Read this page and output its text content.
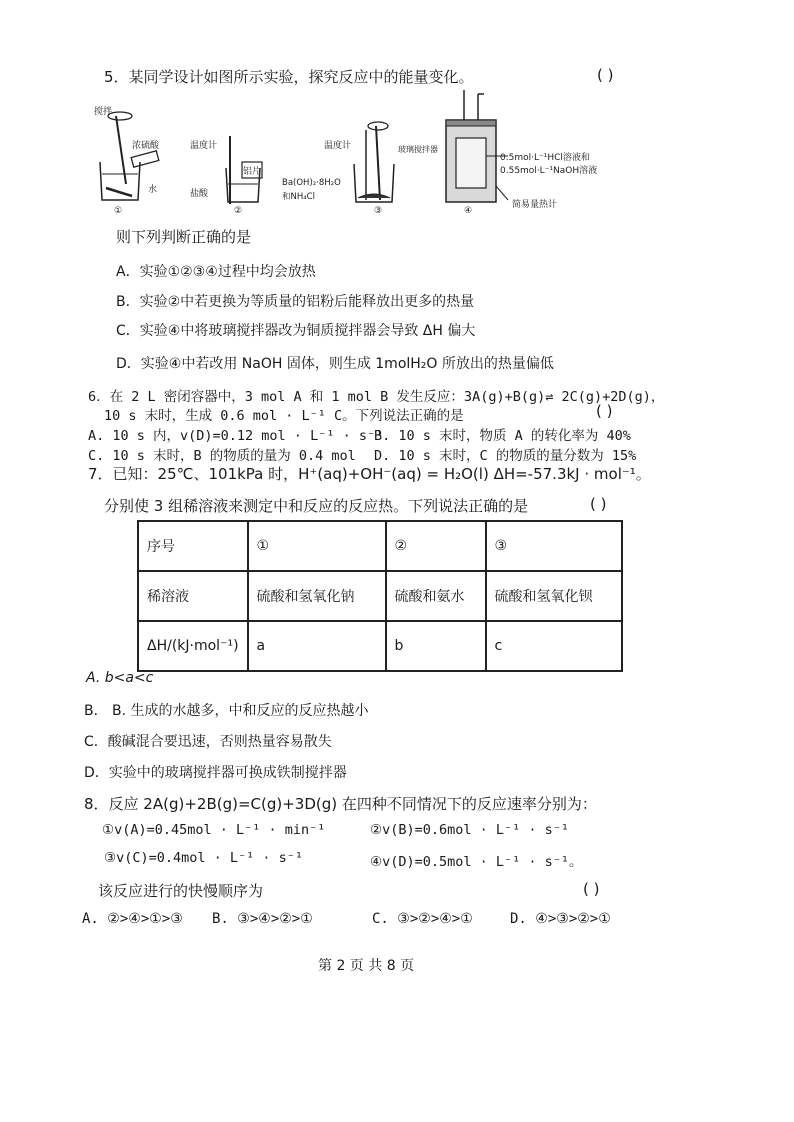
5．某同学设计如图所示实验，探究反应中的能量变化。	( )
搅拌
浓硫酸
水
①
温度计
铝片
盐酸
②
温度计	玻璃搅拌器
Ba(OH)₂·8H₂O
和NH₄Cl
③
0.5mol·L⁻¹HCl溶液和
0.55mol·L⁻¹NaOH溶液
简易量热计
④
则下列判断正确的是
A．实验①②③④过程中均会放热
B．实验②中若更换为等质量的铝粉后能释放出更多的热量
C．实验④中将玻璃搅拌器改为铜质搅拌器会导致 ΔH 偏大
D．实验④中若改用 NaOH 固体，则生成 1molH₂O 所放出的热量偏低
6．在 2 L 密闭容器中，3 mol A 和 1 mol B 发生反应：3A(g)+B(g)⇌ 2C(g)+2D(g)，
10 s 末时，生成 0.6 mol · L⁻¹ C。下列说法正确的是	( )
A. 10 s 内，v(D)=0.12 mol · L⁻¹ · s⁻¹
B. 10 s 末时，物质 A 的转化率为 40%
C. 10 s 末时，B 的物质的量为 0.4 mol D. 10 s 末时，C 的物质的量分数为 15%
7．已知：25℃、101kPa 时，H⁺(aq)+OH⁻(aq) = H₂O(l) ΔH=-57.3kJ · mol⁻¹。
分别使 3 组稀溶液来测定中和反应的反应热。下列说法正确的是	( )
序号	①	②	③
稀溶液	硫酸和氢氧化钠	硫酸和氨水	硫酸和氢氧化钡
ΔH/(kJ·mol⁻¹)	a	b	c
A. b<a<c
B． B. 生成的水越多，中和反应的反应热越小
C．酸碱混合要迅速，否则热量容易散失
D．实验中的玻璃搅拌器可换成铁制搅拌器
8．反应 2A(g)+2B(g)=C(g)+3D(g) 在四种不同情况下的反应速率分别为：
①v(A)=0.45mol · L⁻¹ · min⁻¹	②v(B)=0.6mol · L⁻¹ · s⁻¹
③v(C)=0.4mol · L⁻¹ · s⁻¹	④v(D)=0.5mol · L⁻¹ · s⁻¹。
该反应进行的快慢顺序为	( )
A. ②>④>①>③ B. ③>④>②>①	C. ③>②>④>①	D. ④>③>②>①
第 2 页 共 8 页
